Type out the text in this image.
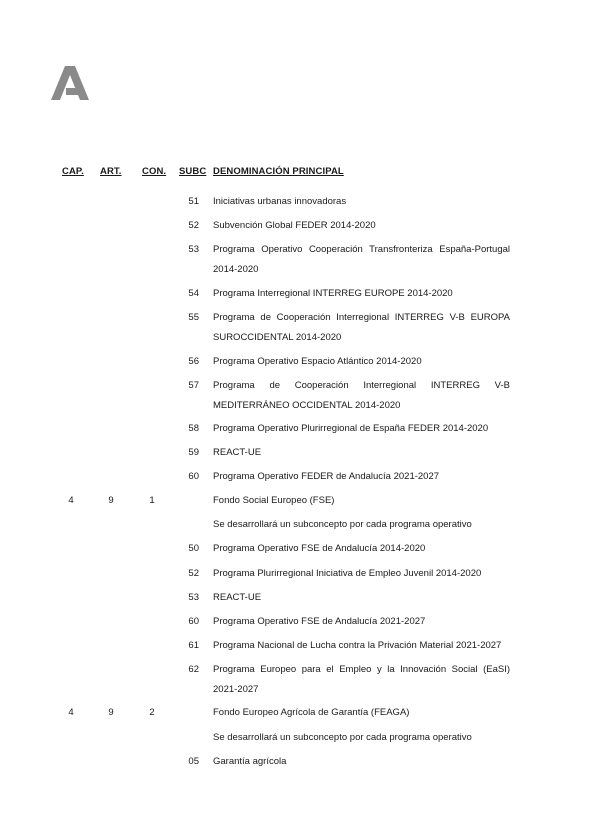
CAP. ART. CON. SUBC DENOMINACIÓN PRINCIPAL
51 Iniciativas urbanas innovadoras
52 Subvención Global FEDER 2014-2020
53 Programa Operativo Cooperación Transfronteriza España-Portugal 2014-2020
54 Programa Interregional INTERREG EUROPE 2014-2020
55 Programa de Cooperación Interregional INTERREG V-B EUROPA SUROCCIDENTAL 2014-2020
56 Programa Operativo Espacio Atlántico 2014-2020
57 Programa de Cooperación Interregional INTERREG V-B MEDITERRÁNEO OCCIDENTAL 2014-2020
58 Programa Operativo Plurirregional de España FEDER 2014-2020
59 REACT-UE
60 Programa Operativo FEDER de Andalucía 2021-2027
4	9	1	Fondo Social Europeo (FSE)
Se desarrollará un subconcepto por cada programa operativo
50 Programa Operativo FSE de Andalucía 2014-2020
52 Programa Plurirregional Iniciativa de Empleo Juvenil 2014-2020
53 REACT-UE
60 Programa Operativo FSE de Andalucía 2021-2027
61 Programa Nacional de Lucha contra la Privación Material 2021-2027
62 Programa Europeo para el Empleo y la Innovación Social (EaSI) 2021-2027
4	9	2	Fondo Europeo Agrícola de Garantía (FEAGA)
Se desarrollará un subconcepto por cada programa operativo
05 Garantía agrícola
